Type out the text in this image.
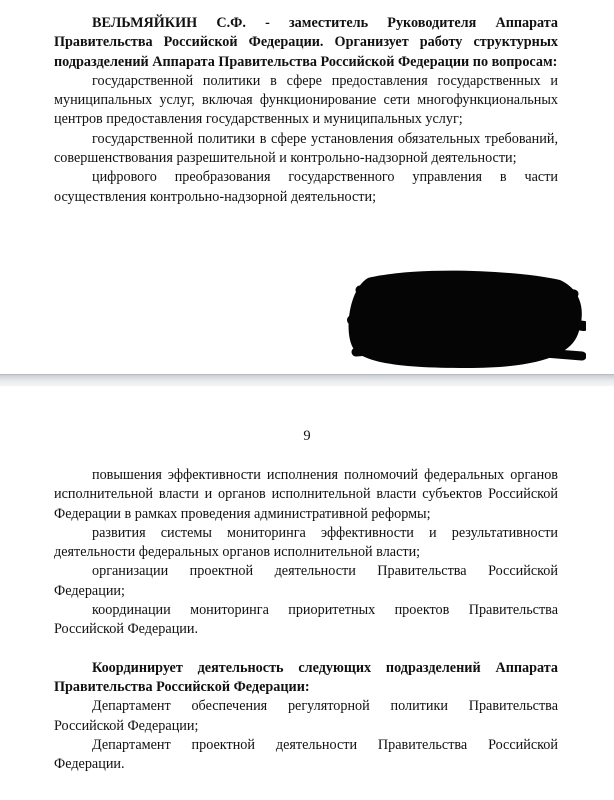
ВЕЛЬМЯЙКИН С.Ф. - заместитель Руководителя Аппарата Правительства Российской Федерации. Организует работу структурных подразделений Аппарата Правительства Российской Федерации по вопросам:
государственной политики в сфере предоставления государственных и муниципальных услуг, включая функционирование сети многофункциональных центров предоставления государственных и муниципальных услуг;
государственной политики в сфере установления обязательных требований, совершенствования разрешительной и контрольно-надзорной деятельности;
цифрового преобразования государственного управления в части осуществления контрольно-надзорной деятельности;
9
повышения эффективности исполнения полномочий федеральных органов исполнительной власти и органов исполнительной власти субъектов Российской Федерации в рамках проведения административной реформы;
развития системы мониторинга эффективности и результативности деятельности федеральных органов исполнительной власти;
организации проектной деятельности Правительства Российской Федерации;
координации мониторинга приоритетных проектов Правительства Российской Федерации.
Координирует деятельность следующих подразделений Аппарата Правительства Российской Федерации:
Департамент обеспечения регуляторной политики Правительства Российской Федерации;
Департамент проектной деятельности Правительства Российской Федерации.
